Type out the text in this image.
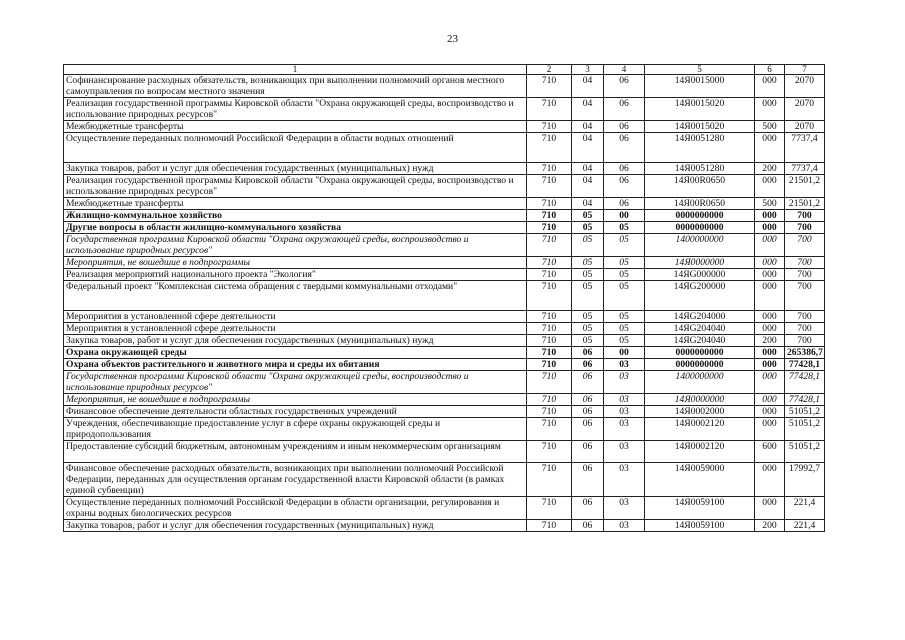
23
1	2	3	4	5	6	7
Софинансирование расходных обязательств, возникающих при выполнении полномочий органов местного самоуправления по вопросам местного значения	710	04	06	14Я0015000	000	2070
Реализация государственной программы Кировской области "Охрана окружающей среды, воспроизводство и использование природных ресурсов"	710	04	06	14Я0015020	000	2070
Межбюджетные трансферты	710	04	06	14Я0015020	500	2070
Осуществление переданных полномочий Российской Федерации в области водных отношений	710	04	06	14Я0051280	000	7737,4
Закупка товаров, работ и услуг для обеспечения государственных (муниципальных) нужд	710	04	06	14Я0051280	200	7737,4
Реализация государственной программы Кировской области "Охрана окружающей среды, воспроизводство и использование природных ресурсов"	710	04	06	14Я00R0650	000	21501,2
Межбюджетные трансферты	710	04	06	14Я00R0650	500	21501,2
Жилищно-коммунальное хозяйство	710	05	00	0000000000	000	700
Другие вопросы в области жилищно-коммунального хозяйства	710	05	05	0000000000	000	700
Государственная программа Кировской области "Охрана окружающей среды, воспроизводство и использование природных ресурсов"	710	05	05	1400000000	000	700
Мероприятия, не вошедшие в подпрограммы	710	05	05	14Я0000000	000	700
Реализация мероприятий национального проекта "Экология"	710	05	05	14ЯG000000	000	700
Федеральный проект "Комплексная система обращения с твердыми коммунальными отходами"	710	05	05	14ЯG200000	000	700
Мероприятия в установленной сфере деятельности	710	05	05	14ЯG204000	000	700
Мероприятия в установленной сфере деятельности	710	05	05	14ЯG204040	000	700
Закупка товаров, работ и услуг для обеспечения государственных (муниципальных) нужд	710	05	05	14ЯG204040	200	700
Охрана окружающей среды	710	06	00	0000000000	000	265386,7
Охрана объектов растительного и животного мира и среды их обитания	710	06	03	0000000000	000	77428,1
Государственная программа Кировской области "Охрана окружающей среды, воспроизводство и использование природных ресурсов"	710	06	03	1400000000	000	77428,1
Мероприятия, не вошедшие в подпрограммы	710	06	03	14Я0000000	000	77428,1
Финансовое обеспечение деятельности областных государственных учреждений	710	06	03	14Я0002000	000	51051,2
Учреждения, обеспечивающие предоставление услуг в сфере охраны окружающей среды и природопользования	710	06	03	14Я0002120	000	51051,2
Предоставление субсидий бюджетным, автономным учреждениям и иным некоммерческим организациям	710	06	03	14Я0002120	600	51051,2
Финансовое обеспечение расходных обязательств, возникающих при выполнении полномочий Российской Федерации, переданных для осуществления органам государственной власти Кировской области (в рамках единой субвенции)	710	06	03	14Я0059000	000	17992,7
Осуществление переданных полномочий Российской Федерации в области организации, регулирования и охраны водных биологических ресурсов	710	06	03	14Я0059100	000	221,4
Закупка товаров, работ и услуг для обеспечения государственных (муниципальных) нужд	710	06	03	14Я0059100	200	221,4
